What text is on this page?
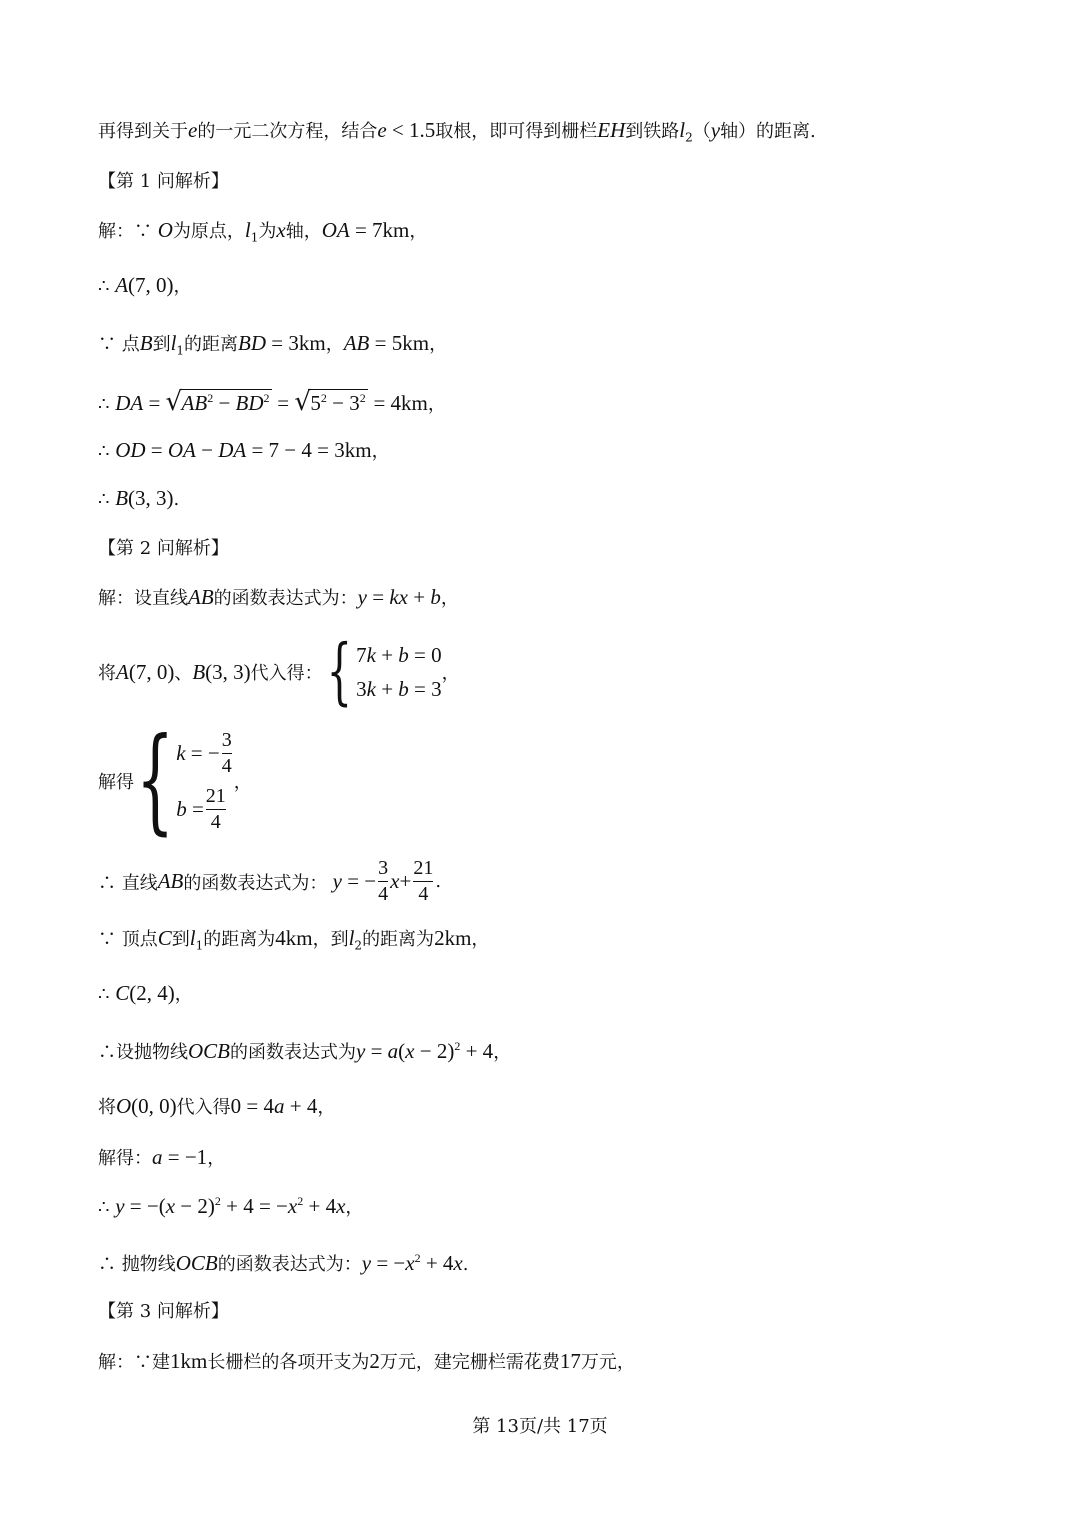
再得到关于e的一元二次方程，结合e < 1.5取根，即可得到栅栏EH到铁路$l_2(y$轴）的距离.
【第 1 问解析】
解：∵ O为原点，$l_1$为x轴，OA = 7km，
∴ A(7, 0)，
∵ 点B到$l_1$的距离BD = 3km，AB = 5km，
∴ DA = √ $AB^2 - BD^2$ = √ $5^2 - 3^2 = 4km$，
∴ OD = OA − DA = 7 − 4 = 3km，
∴ B(3, 3).
【第 2 问解析】
解：设直线AB的函数表达式为：y = kx + b，
将 A(7, 0) 、 B(3, 3) 代入得： { 7k + b = 0
3k + b = 3
，
解得 { k = − $\frac{3}{4}$
$b = \frac{21}{4}$
，
∴ 直线 AB 的函数表达式为： y = − $\frac{3}{4}$ $x + \frac{21}{4}$ .
∵ 顶点C到$l_1$的距离为4km，到$l_2$的距离为2km，
∴ C(2, 4)，
∴设抛物线OCB的函数表达式为$y = a(x - 2)^2 + 4$，
将O(0, 0)代入得0 = 4a + 4，
解得：a = −1，
∴ $y = -(x - 2)^2 + 4 = -x^2 + 4x$，
∴ 抛物线OCB的函数表达式为：$y = -x^2 + 4x$.
【第 3 问解析】
解：∵建1km长栅栏的各项开支为2万元，建完栅栏需花费17万元，
第 13页/共 17页
